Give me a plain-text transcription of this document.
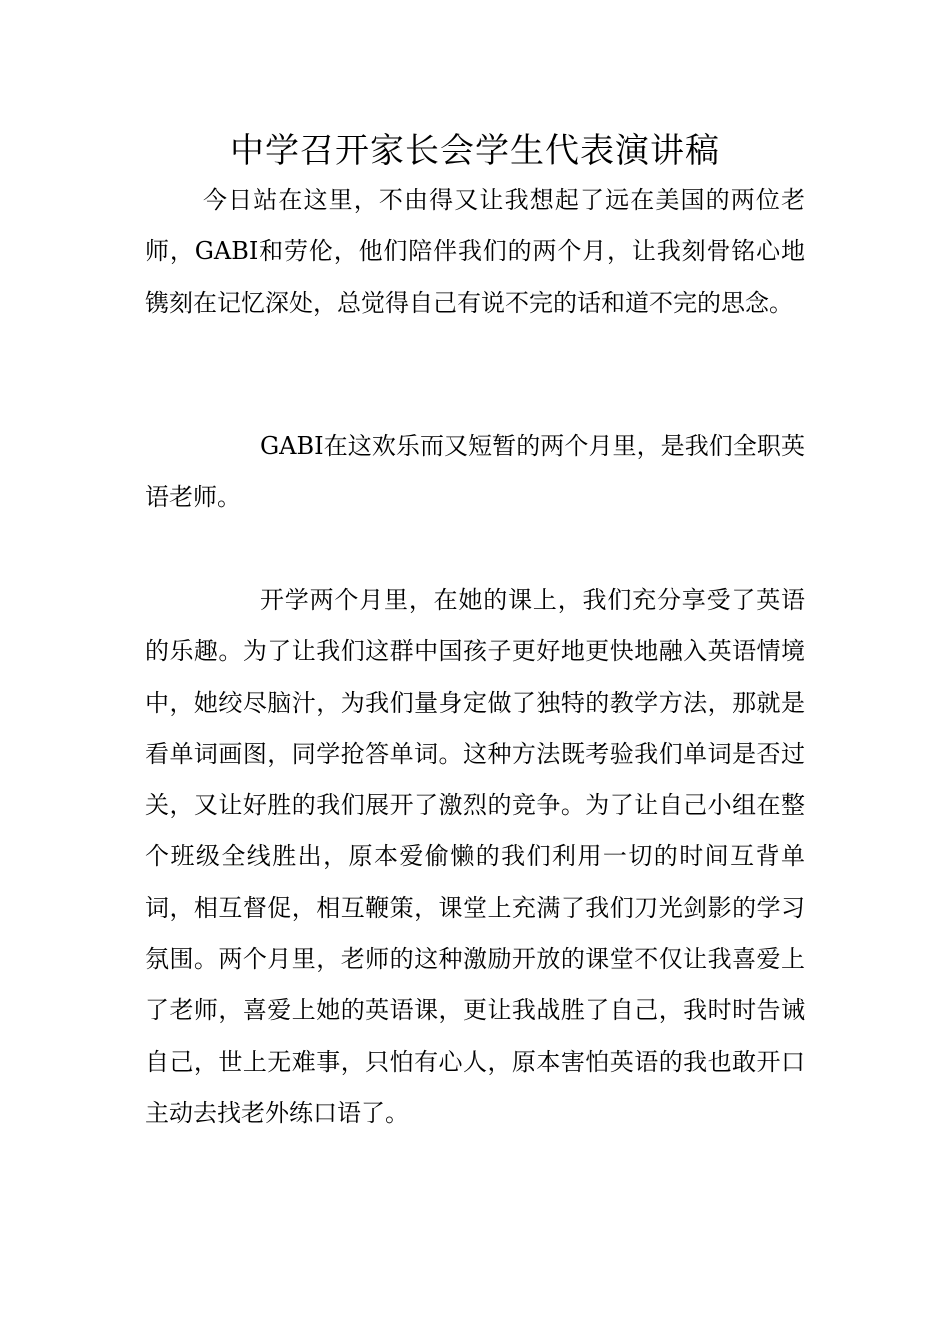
中学召开家长会学生代表演讲稿

今日站在这里，不由得又让我想起了远在美国的两位老师，GABI和劳伦，他们陪伴我们的两个月，让我刻骨铭心地镌刻在记忆深处，总觉得自己有说不完的话和道不完的思念。

GABI在这欢乐而又短暂的两个月里，是我们全职英语老师。

开学两个月里，在她的课上，我们充分享受了英语的乐趣。为了让我们这群中国孩子更好地更快地融入英语情境中，她绞尽脑汁，为我们量身定做了独特的教学方法，那就是看单词画图，同学抢答单词。这种方法既考验我们单词是否过关，又让好胜的我们展开了激烈的竞争。为了让自己小组在整个班级全线胜出，原本爱偷懒的我们利用一切的时间互背单词，相互督促，相互鞭策，课堂上充满了我们刀光剑影的学习氛围。两个月里，老师的这种激励开放的课堂不仅让我喜爱上了老师，喜爱上她的英语课，更让我战胜了自己，我时时告诫自己，世上无难事，只怕有心人，原本害怕英语的我也敢开口主动去找老外练口语了。
